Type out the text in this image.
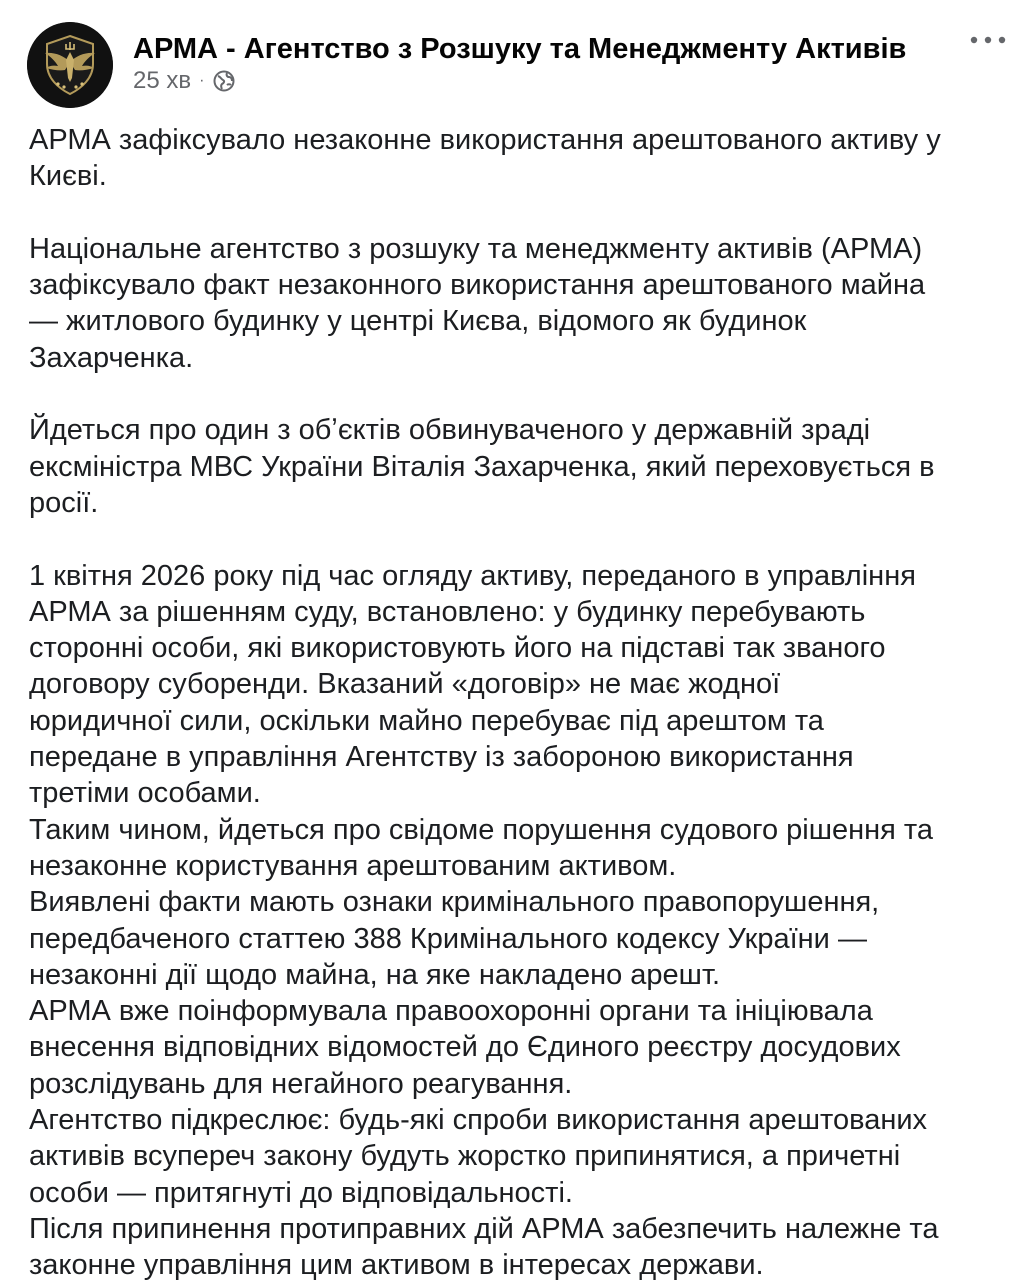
АРМА - Агентство з Розшуку та Менеджменту Активів
25 хв ·

АРМА зафіксувало незаконне використання арештованого активу у

Києві.

Національне агентство з розшуку та менеджменту активів (АРМА)

зафіксувало факт незаконного використання арештованого майна

— житлового будинку у центрі Києва, відомого як будинок

Захарченка.

Йдеться про один з обʼєктів обвинуваченого у державній зраді

ексміністра МВС України Віталія Захарченка, який переховується в

росії.

1 квітня 2026 року під час огляду активу, переданого в управління

АРМА за рішенням суду, встановлено: у будинку перебувають

сторонні особи, які використовують його на підставі так званого

договору суборенди. Вказаний «договір» не має жодної

юридичної сили, оскільки майно перебуває під арештом та

передане в управління Агентству із забороною використання

третіми особами.

Таким чином, йдеться про свідоме порушення судового рішення та

незаконне користування арештованим активом.

Виявлені факти мають ознаки кримінального правопорушення,

передбаченого статтею 388 Кримінального кодексу України —

незаконні дії щодо майна, на яке накладено арешт.

АРМА вже поінформувала правоохоронні органи та ініціювала

внесення відповідних відомостей до Єдиного реєстру досудових

розслідувань для негайного реагування.

Агентство підкреслює: будь-які спроби використання арештованих

активів всупереч закону будуть жорстко припинятися, а причетні

особи — притягнуті до відповідальності.

Після припинення протиправних дій АРМА забезпечить належне та

законне управління цим активом в інтересах держави.
